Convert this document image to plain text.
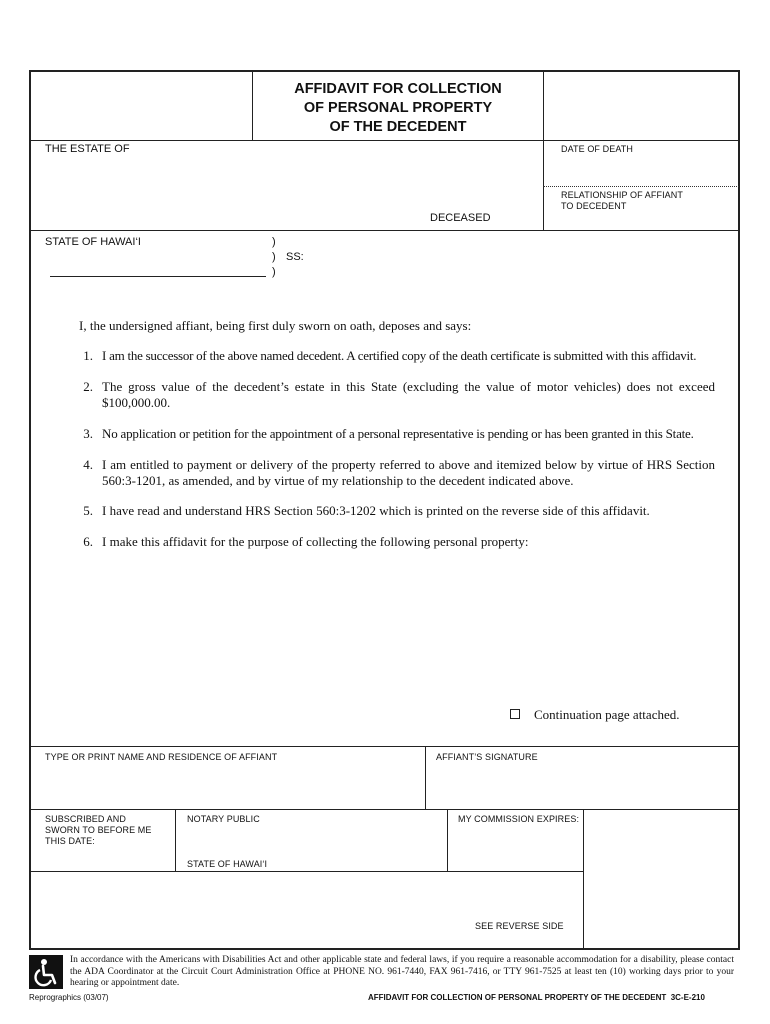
AFFIDAVIT FOR COLLECTION
OF PERSONAL PROPERTY
OF THE DECEDENT
THE ESTATE OF	DATE OF DEATH
RELATIONSHIP OF AFFIANT
TO DECEDENT
DECEASED
STATE OF HAWAI‘I	)
) SS:
)
I, the undersigned affiant, being first duly sworn on oath, deposes and says:
1. I am the successor of the above named decedent. A certified copy of the death certificate is submitted with this affidavit.
2. The gross value of the decedent’s estate in this State (excluding the value of motor vehicles) does not exceed $100,000.00.
3. No application or petition for the appointment of a personal representative is pending or has been granted in this State.
4. I am entitled to payment or delivery of the property referred to above and itemized below by virtue of HRS Section 560:3-1201, as amended, and by virtue of my relationship to the decedent indicated above.
5. I have read and understand HRS Section 560:3-1202 which is printed on the reverse side of this affidavit.
6. I make this affidavit for the purpose of collecting the following personal property:
Continuation page attached.
TYPE OR PRINT NAME AND RESIDENCE OF AFFIANT	AFFIANT’S SIGNATURE
SUBSCRIBED AND
SWORN TO BEFORE ME
THIS DATE:
NOTARY PUBLIC	MY COMMISSION EXPIRES:
STATE OF HAWAI‘I
SEE REVERSE SIDE
In accordance with the Americans with Disabilities Act and other applicable state and federal laws, if you require a reasonable accommodation for a disability, please contact the ADA Coordinator at the Circuit Court Administration Office at PHONE NO. 961-7440, FAX 961-7416, or TTY 961-7525 at least ten (10) working days prior to your hearing or appointment date.
Reprographics (03/07)	AFFIDAVIT FOR COLLECTION OF PERSONAL PROPERTY OF THE DECEDENT 3C-E-210
